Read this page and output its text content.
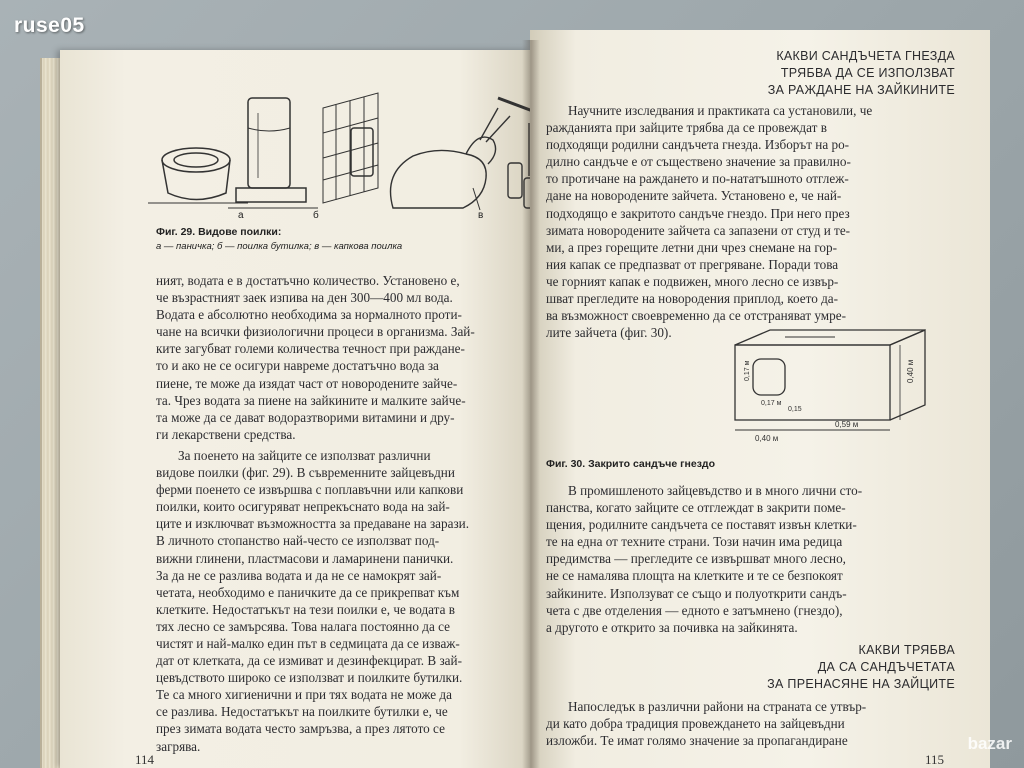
ruse05
а	б	в
Фиг. 29. Видове поилки:
а — паничка; б — поилка бутилка; в — капкова поилка

ният, водата е в достатъчно количество. Установено е,

че възрастният заек изпива на ден 300—400 мл вода.

Водата е абсолютно необходима за нормалното проти-

чане на всички физиологични процеси в организма. Зай-

ките загубват големи количества течност при раждане-

то и ако не се осигури навреме достатъчно вода за

пиене, те може да изядат част от новородените зайче-

та. Чрез водата за пиене на зайкините и малките зайче-

та може да се дават водоразтворими витамини и дру-

ги лекарствени средства.

За поенето на зайците се използват различни

видове поилки (фиг. 29). В съвременните зайцевъдни

ферми поенето се извършва с поплавъчни или капкови

поилки, които осигуряват непрекъснато вода на зай-

ците и изключват възможността за предаване на зарази.

В личното стопанство най-често се използват под-

вижни глинени, пластмасови и ламаринени панички.

За да не се разлива водата и да не се намокрят зай-

четата, необходимо е паничките да се прикрепват към

клетките. Недостатъкът на тези поилки е, че водата в

тях лесно се замърсява. Това налага постоянно да се

чистят и най-малко един път в седмицата да се изваж-

дат от клетката, да се измиват и дезинфекцират. В зай-

цевъдството широко се използват и поилките бутилки.

Те са много хигиенични и при тях водата не може да

се разлива. Недостатъкът на поилките бутилки е, че

през зимата водата често замръзва, а през лятото се

загрява.

114
КАКВИ САНДЪЧЕТА ГНЕЗДА
ТРЯБВА ДА СЕ ИЗПОЛЗВАТ
ЗА РАЖДАНЕ НА ЗАЙКИНИТЕ

Научните изследвания и практиката са установили, че

ражданията при зайците трябва да се провеждат в

подходящи родилни сандъчета гнезда. Изборът на ро-

дилно сандъче е от съществено значение за правилно-

то протичане на раждането и по-нататъшното отглеж-

дане на новородените зайчета. Установено е, че най-

подходящо е закритото сандъче гнездо. При него през

зимата новородените зайчета са запазени от студ и те-

ми, а през горещите летни дни чрез снемане на гор-

ния капак се предпазват от прегряване. Поради това

че горният капак е подвижен, много лесно се извър-

шват прегледите на новородения приплод, което да-

ва възможност своевременно да се отстраняват умре-

лите зайчета (фиг. 30).

0,40 м
0,59 м
0,40 м
0,17 м
0,17 м
0,15
Фиг. 30. Закрито сандъче гнездо

В промишленото зайцевъдство и в много лични сто-

панства, когато зайците се отглеждат в закрити поме-

щения, родилните сандъчета се поставят извън клетки-

те на една от техните страни. Този начин има редица

предимства — прегледите се извършват много лесно,

не се намалява площта на клетките и те се безпокоят

зайкините. Използуват се също и полуоткрити сандъ-

чета с две отделения — едното е затъмнено (гнездо),

а другото е открито за почивка на зайкинята.

КАКВИ ТРЯБВА
ДА СА САНДЪЧЕТАТА
ЗА ПРЕНАСЯНЕ НА ЗАЙЦИТЕ

Напоследък в различни райони на страната се утвър-

ди като добра традиция провеждането на зайцевъдни

изложби. Те имат голямо значение за пропагандиране

115
bazar
